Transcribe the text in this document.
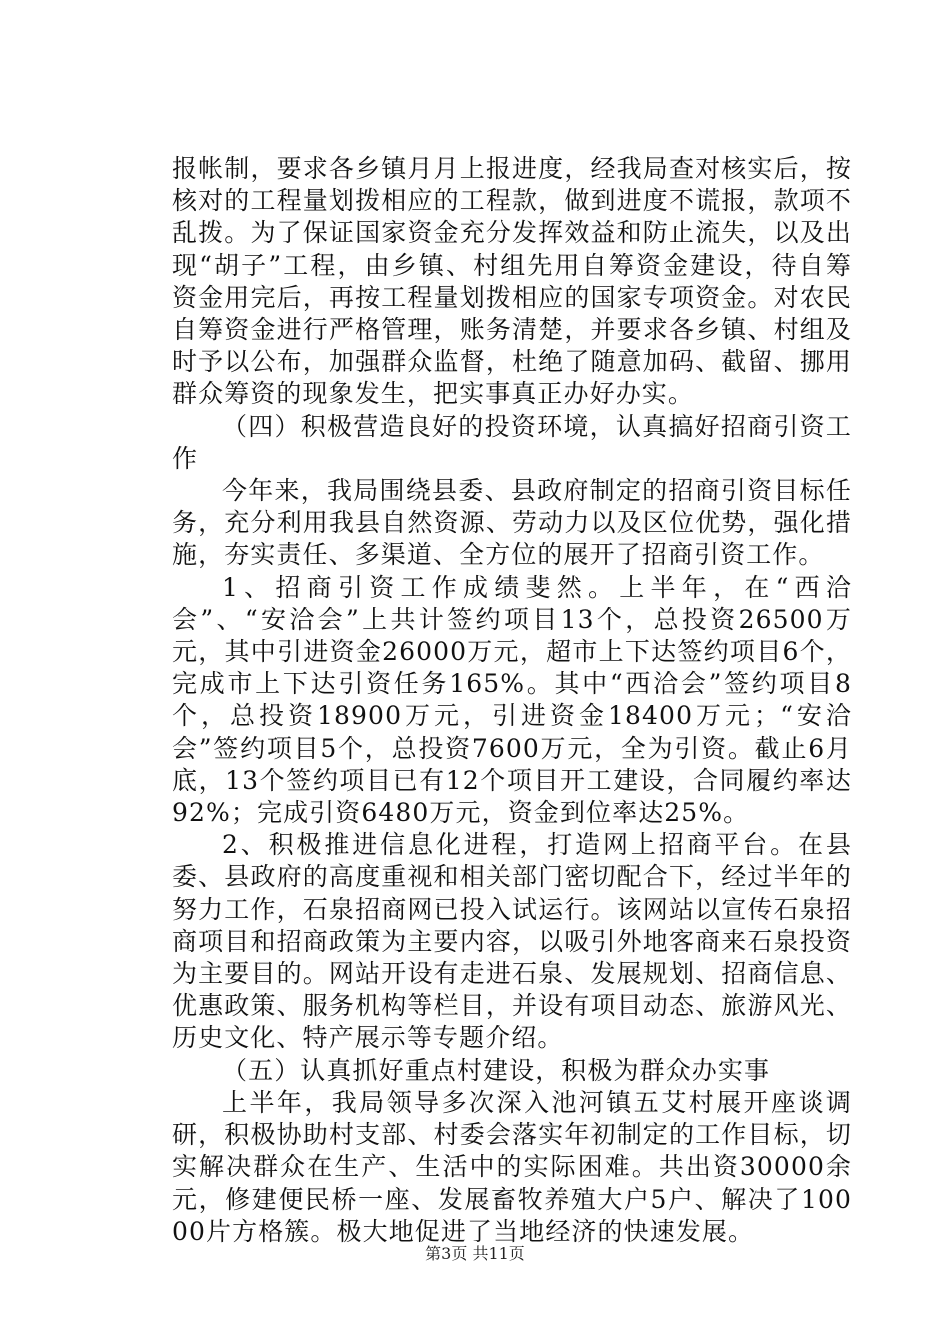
报帐制，要求各乡镇月月上报进度，经我局查对核实后，按核对的工程量划拨相应的工程款，做到进度不谎报，款项不乱拨。为了保证国家资金充分发挥效益和防止流失，以及出现“胡子”工程，由乡镇、村组先用自筹资金建设，待自筹资金用完后，再按工程量划拨相应的国家专项资金。对农民自筹资金进行严格管理，账务清楚，并要求各乡镇、村组及时予以公布，加强群众监督，杜绝了随意加码、截留、挪用群众筹资的现象发生，把实事真正办好办实。

（四）积极营造良好的投资环境，认真搞好招商引资工作

今年来，我局围绕县委、县政府制定的招商引资目标任务，充分利用我县自然资源、劳动力以及区位优势，强化措施，夯实责任、多渠道、全方位的展开了招商引资工作。

1、招商引资工作成绩斐然。上半年，在“西洽会”、“安洽会”上共计签约项目13个，总投资26500万元，其中引进资金26000万元，超市上下达签约项目6个，完成市上下达引资任务165%。其中“西洽会”签约项目8个，总投资18900万元，引进资金18400万元；“安洽会”签约项目5个，总投资7600万元，全为引资。截止6月底，13个签约项目已有12个项目开工建设，合同履约率达92%；完成引资6480万元，资金到位率达25%。

2、积极推进信息化进程，打造网上招商平台。在县委、县政府的高度重视和相关部门密切配合下，经过半年的努力工作，石泉招商网已投入试运行。该网站以宣传石泉招商项目和招商政策为主要内容，以吸引外地客商来石泉投资为主要目的。网站开设有走进石泉、发展规划、招商信息、优惠政策、服务机构等栏目，并设有项目动态、旅游风光、历史文化、特产展示等专题介绍。

（五）认真抓好重点村建设，积极为群众办实事

上半年，我局领导多次深入池河镇五艾村展开座谈调研，积极协助村支部、村委会落实年初制定的工作目标，切实解决群众在生产、生活中的实际困难。共出资30000余元，修建便民桥一座、发展畜牧养殖大户5户、解决了10000片方格簇。极大地促进了当地经济的快速发展。

第3页 共11页
